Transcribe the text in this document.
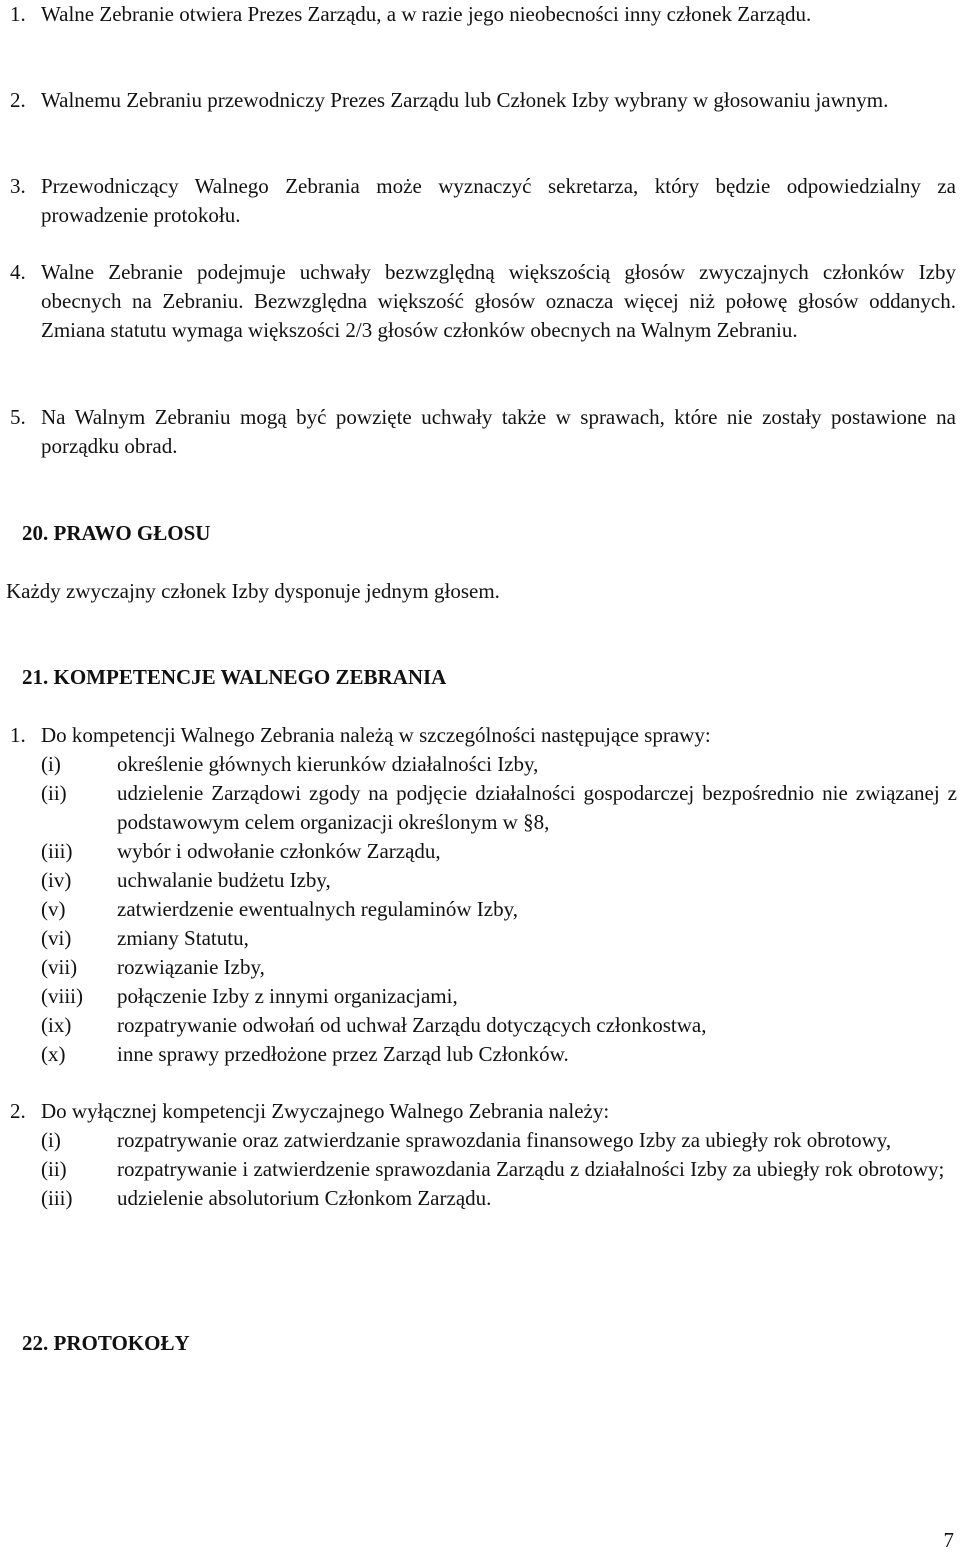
1. Walne Zebranie otwiera Prezes Zarządu, a w razie jego nieobecności inny członek Zarządu.
2. Walnemu Zebraniu przewodniczy Prezes Zarządu lub Członek Izby wybrany w głosowaniu jawnym.
3. Przewodniczący Walnego Zebrania może wyznaczyć sekretarza, który będzie odpowiedzialny za prowadzenie protokołu.
4. Walne Zebranie podejmuje uchwały bezwzględną większością głosów zwyczajnych członków Izby obecnych na Zebraniu. Bezwzględna większość głosów oznacza więcej niż połowę głosów oddanych. Zmiana statutu wymaga większości 2/3 głosów członków obecnych na Walnym Zebraniu.
5. Na Walnym Zebraniu mogą być powzięte uchwały także w sprawach, które nie zostały postawione na porządku obrad.
20. PRAWO GŁOSU
Każdy zwyczajny członek Izby dysponuje jednym głosem.
21. KOMPETENCJE WALNEGO ZEBRANIA
1. Do kompetencji Walnego Zebrania należą w szczególności następujące sprawy:
(i)	określenie głównych kierunków działalności Izby,
(ii) udzielenie Zarządowi zgody na podjęcie działalności gospodarczej bezpośrednio nie związanej z podstawowym celem organizacji określonym w §8,
(iii) wybór i odwołanie członków Zarządu,
(iv) uchwalanie budżetu Izby,
(v) zatwierdzenie ewentualnych regulaminów Izby,
(vi) zmiany Statutu,
(vii) rozwiązanie Izby,
(viii) połączenie Izby z innymi organizacjami,
(ix) rozpatrywanie odwołań od uchwał Zarządu dotyczących członkostwa,
(x) inne sprawy przedłożone przez Zarząd lub Członków.
2. Do wyłącznej kompetencji Zwyczajnego Walnego Zebrania należy:
(i)	rozpatrywanie oraz zatwierdzanie sprawozdania finansowego Izby za ubiegły rok obrotowy,
(ii) rozpatrywanie i zatwierdzenie sprawozdania Zarządu z działalności Izby za ubiegły rok obrotowy;
(iii) udzielenie absolutorium Członkom Zarządu.
22. PROTOKOŁY
7
